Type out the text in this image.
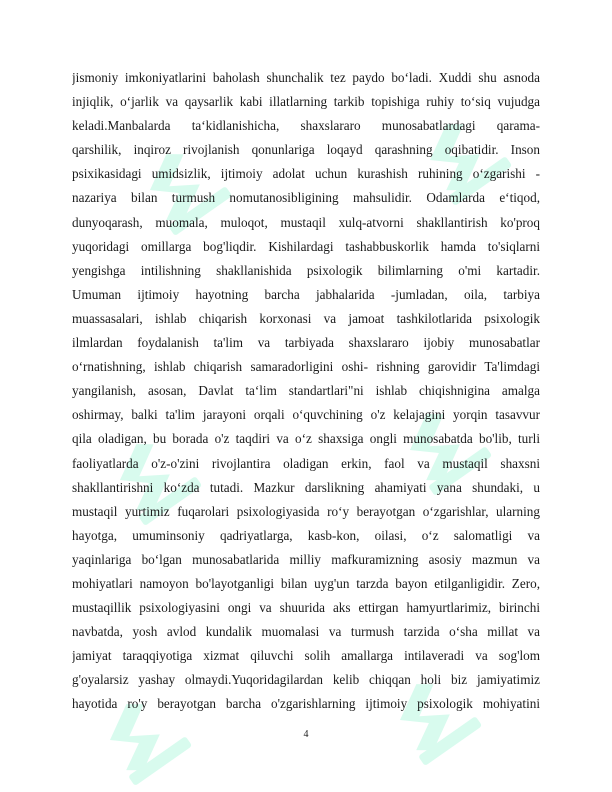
jismoniy imkoniyatlarini baholash shunchalik tez paydo bo‘ladi. Xuddi shu asnoda
injiqlik, o‘jarlik va qaysarlik kabi illatlarning tarkib topishiga ruhiy to‘siq vujudga
keladi.Manbalarda ta‘kidlanishicha, shaxslararo munosabatlardagi qarama-
qarshilik, inqiroz rivojlanish qonunlariga loqayd qarashning oqibatidir. Inson
psixikasidagi umidsizlik, ijtimoiy adolat uchun kurashish ruhining o‘zgarishi -
nazariya bilan turmush nomutanosibligining mahsulidir. Odamlarda e‘tiqod,
dunyoqarash, muomala, muloqot, mustaqil xulq-atvorni shakllantirish ko'proq
yuqoridagi omillarga bog'liqdir. Kishilardagi tashabbuskorlik hamda to'siqlarni
yengishga intilishning shakllanishida psixologik bilimlarning o'mi kartadir.
Umuman ijtimoiy hayotning barcha jabhalarida -jumladan, oila, tarbiya
muassasalari, ishlab chiqarish korxonasi va jamoat tashkilotlarida psixologik
ilmlardan foydalanish ta'lim va tarbiyada shaxslararo ijobiy munosabatlar
o‘rnatishning, ishlab chiqarish samaradorligini oshi- rishning garovidir Ta'limdagi
yangilanish, asosan, Davlat ta‘lim standartlari"ni ishlab chiqishnigina amalga
oshirmay, balki ta'lim jarayoni orqali o‘quvchining o'z kelajagini yorqin tasavvur
qila oladigan, bu borada o'z taqdiri va o‘z shaxsiga ongli munosabatda bo'lib, turli
faoliyatlarda o'z-o'zini rivojlantira oladigan erkin, faol va mustaqil shaxsni
shakllantirishni ko‘zda tutadi. Mazkur darslikning ahamiyati yana shundaki, u
mustaqil yurtimiz fuqarolari psixologiyasida ro‘y berayotgan o‘zgarishlar, ularning
hayotga, umuminsoniy qadriyatlarga, kasb-kon, oilasi, o‘z salomatligi va
yaqinlariga bo‘lgan munosabatlarida milliy mafkuramizning asosiy mazmun va
mohiyatlari namoyon bo'layotganligi bilan uyg'un tarzda bayon etilganligidir. Zero,
mustaqillik psixologiyasini ongi va shuurida aks ettirgan hamyurtlarimiz, birinchi
navbatda, yosh avlod kundalik muomalasi va turmush tarzida o‘sha millat va
jamiyat taraqqiyotiga xizmat qiluvchi solih amallarga intilaveradi va sog'lom
g'oyalarsiz yashay olmaydi.Yuqoridagilardan kelib chiqqan holi biz jamiyatimiz
hayotida ro'y berayotgan barcha o'zgarishlarning ijtimoiy psixologik mohiyatini
4
